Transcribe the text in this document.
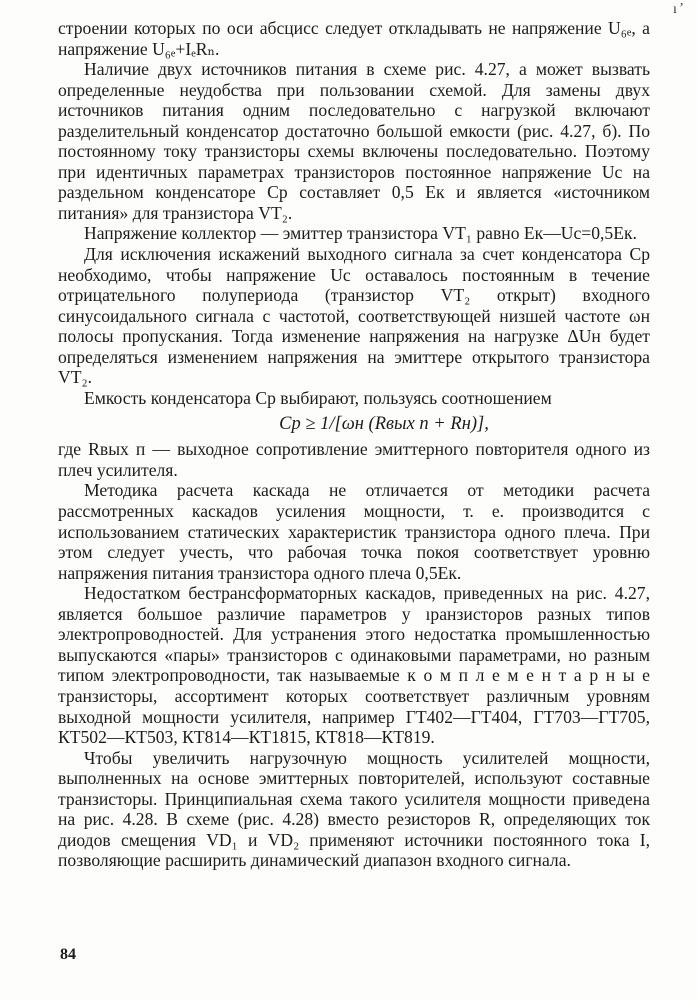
ı ̛

строении которых по оси абсцисс следует откладывать не напряжение U₆ₑ, а напряжение U₆ₑ+IₑRₙ.

Наличие двух источников питания в схеме рис. 4.27, а может вызвать определенные неудобства при пользовании схемой. Для замены двух источников питания одним последовательно с нагрузкой включают разделительный конденсатор достаточно большой емкости (рис. 4.27, б). По постоянному току транзисторы схемы включены последовательно. Поэтому при идентичных параметрах транзисторов постоянное напряжение Uс на раздельном конденсаторе Cр составляет 0,5 Eк и является «источником питания» для транзистора VT₂.

Напряжение коллектор — эмиттер транзистора VT₁ равно Eк—Uс=0,5Eк.

Для исключения искажений выходного сигнала за счет конденсатора Cр необходимо, чтобы напряжение Uс оставалось постоянным в течение отрицательного полупериода (транзистор VT₂ открыт) входного синусоидального сигнала с частотой, соответствующей низшей частоте ωн полосы пропускания. Тогда изменение напряжения на нагрузке ΔUн будет определяться изменением напряжения на эмиттере открытого транзистора VT₂.

Емкость конденсатора Cр выбирают, пользуясь соотношением

Cр ≥ 1/[ωн (Rвых п + Rн)],

где Rвых п — выходное сопротивление эмиттерного повторителя одного из плеч усилителя.

Методика расчета каскада не отличается от методики расчета рассмотренных каскадов усиления мощности, т. е. производится с использованием статических характеристик транзистора одного плеча. При этом следует учесть, что рабочая точка покоя соответствует уровню напряжения питания транзистора одного плеча 0,5Eк.

Недостатком бестрансформаторных каскадов, приведенных на рис. 4.27, является большое различие параметров у ıранзисторов разных типов электропроводностей. Для устранения этого недостатка промышленностью выпускаются «пары» транзисторов с одинаковыми параметрами, но разным типом электропроводности, так называемые к о м п л е м е н т а р н ы е транзисторы, ассортимент которых соответствует различным уровням выходной мощности усилителя, например ГТ402—ГТ404, ГТ703—ГТ705, КТ502—КТ503, КТ814—КТ1815, КТ818—КТ819.

Чтобы увеличить нагрузочную мощность усилителей мощности, выполненных на основе эмиттерных повторителей, используют составные транзисторы. Принципиальная схема такого усилителя мощности приведена на рис. 4.28. В схеме (рис. 4.28) вместо резисторов R, определяющих ток диодов смещения VD₁ и VD₂ применяют источники постоянного тока I, позволяющие расширить динамический диапазон входного сигнала.

84
